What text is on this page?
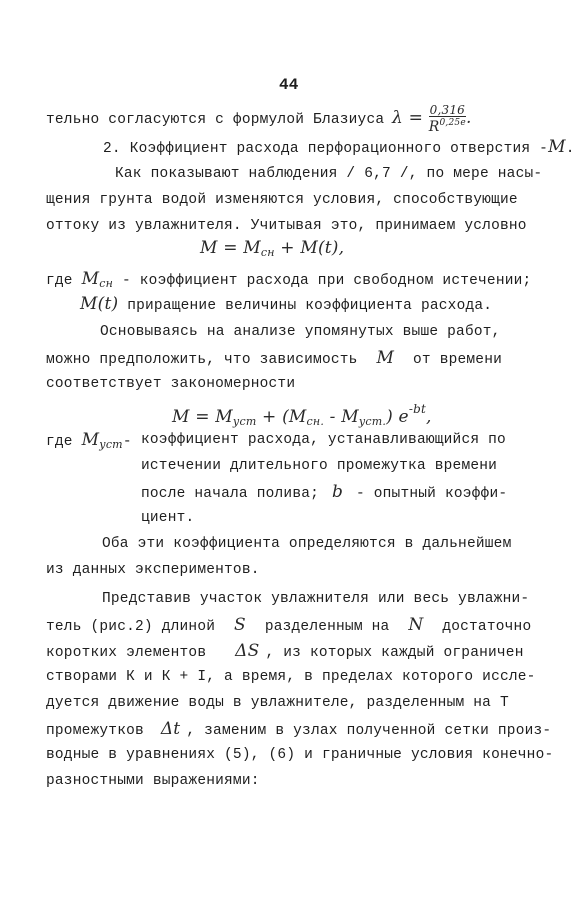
44
тельно согласуются с формулой Блазиуса $\lambda = \frac{0,316}{R^{0,25e}}$ .
2. Коэффициент расхода перфорационного отверстия -M.
Как показывают наблюдения / 6,7 /, по мере насы-
щения грунта водой изменяются условия, способствующие
оттоку из увлажнителя. Учитывая это, принимаем условно
$M = M_{сн} + M(t)$,
где $M_{сн}$ - коэффициент расхода при свободном истечении;
M(t) приращение величины коэффициента расхода.
Основываясь на анализе упомянутых выше работ,
можно предположить, что зависимость M от времени
соответствует закономерности
$M = M_{уст} + (M_{сн.} - M_{уст.})$ $e^{-bt}$,
где $M_{уст}-$ коэффициент расхода, устанавливающийся по
истечении длительного промежутка времени
после начала полива; b - опытный коэффи-
циент.
Оба эти коэффициента определяются в дальнейшем
из данных экспериментов.
Представив участок увлажнителя или весь увлажни-
тель (рис.2) длиной S разделенным на N достаточно
коротких элементов ΔS , из которых каждый ограничен
створами К и К + I, а время, в пределах которого иссле-
дуется движение воды в увлажнителе, разделенным на Т
промежутков Δt , заменим в узлах полученной сетки произ-
водные в уравнениях (5), (6) и граничные условия конечно-
разностными выражениями:
